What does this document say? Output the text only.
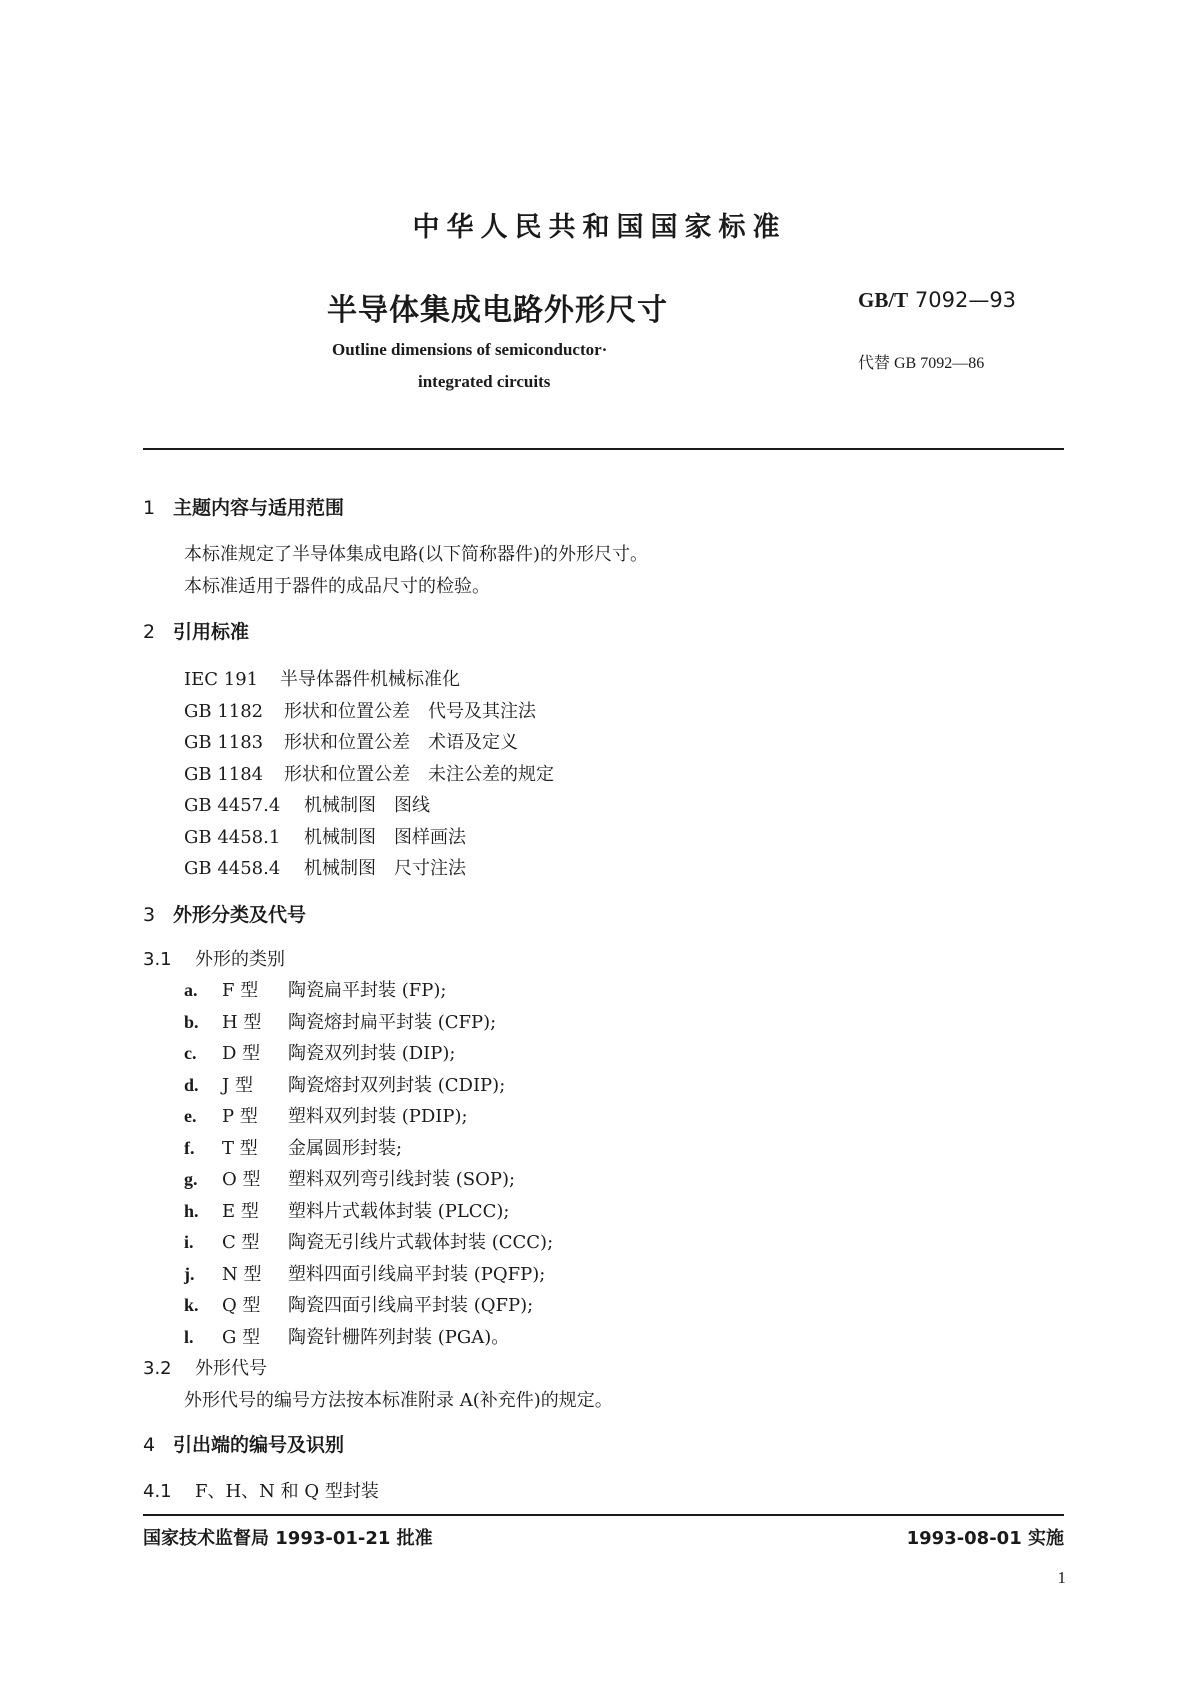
中华人民共和国国家标准
半导体集成电路外形尺寸	GB/T 7092—93
Outline dimensions of semiconductor·
integrated circuits
代替 GB 7092—86
1 主题内容与适用范围
本标准规定了半导体集成电路(以下简称器件)的外形尺寸。
本标准适用于器件的成品尺寸的检验。
2 引用标准
IEC 191 半导体器件机械标准化
GB 1182 形状和位置公差　代号及其注法
GB 1183 形状和位置公差　术语及定义
GB 1184 形状和位置公差　未注公差的规定
GB 4457.4 机械制图　图线
GB 4458.1 机械制图　图样画法
GB 4458.4 机械制图　尺寸注法
3 外形分类及代号
3.1 外形的类别
a. F 型 陶瓷扁平封装 (FP);
b. H 型 陶瓷熔封扁平封装 (CFP);
c. D 型 陶瓷双列封装 (DIP);
d. J 型 陶瓷熔封双列封装 (CDIP);
e. P 型 塑料双列封装 (PDIP);
f. T 型 金属圆形封装;
g. O 型 塑料双列弯引线封装 (SOP);
h. E 型 塑料片式载体封装 (PLCC);
i. C 型 陶瓷无引线片式载体封装 (CCC);
j. N 型 塑料四面引线扁平封装 (PQFP);
k. Q 型 陶瓷四面引线扁平封装 (QFP);
l. G 型 陶瓷针栅阵列封装 (PGA)。
3.2 外形代号
外形代号的编号方法按本标准附录 A(补充件)的规定。
4 引出端的编号及识别
4.1 F、H、N 和 Q 型封装
国家技术监督局 1993-01-21 批准	1993-08-01 实施
1
